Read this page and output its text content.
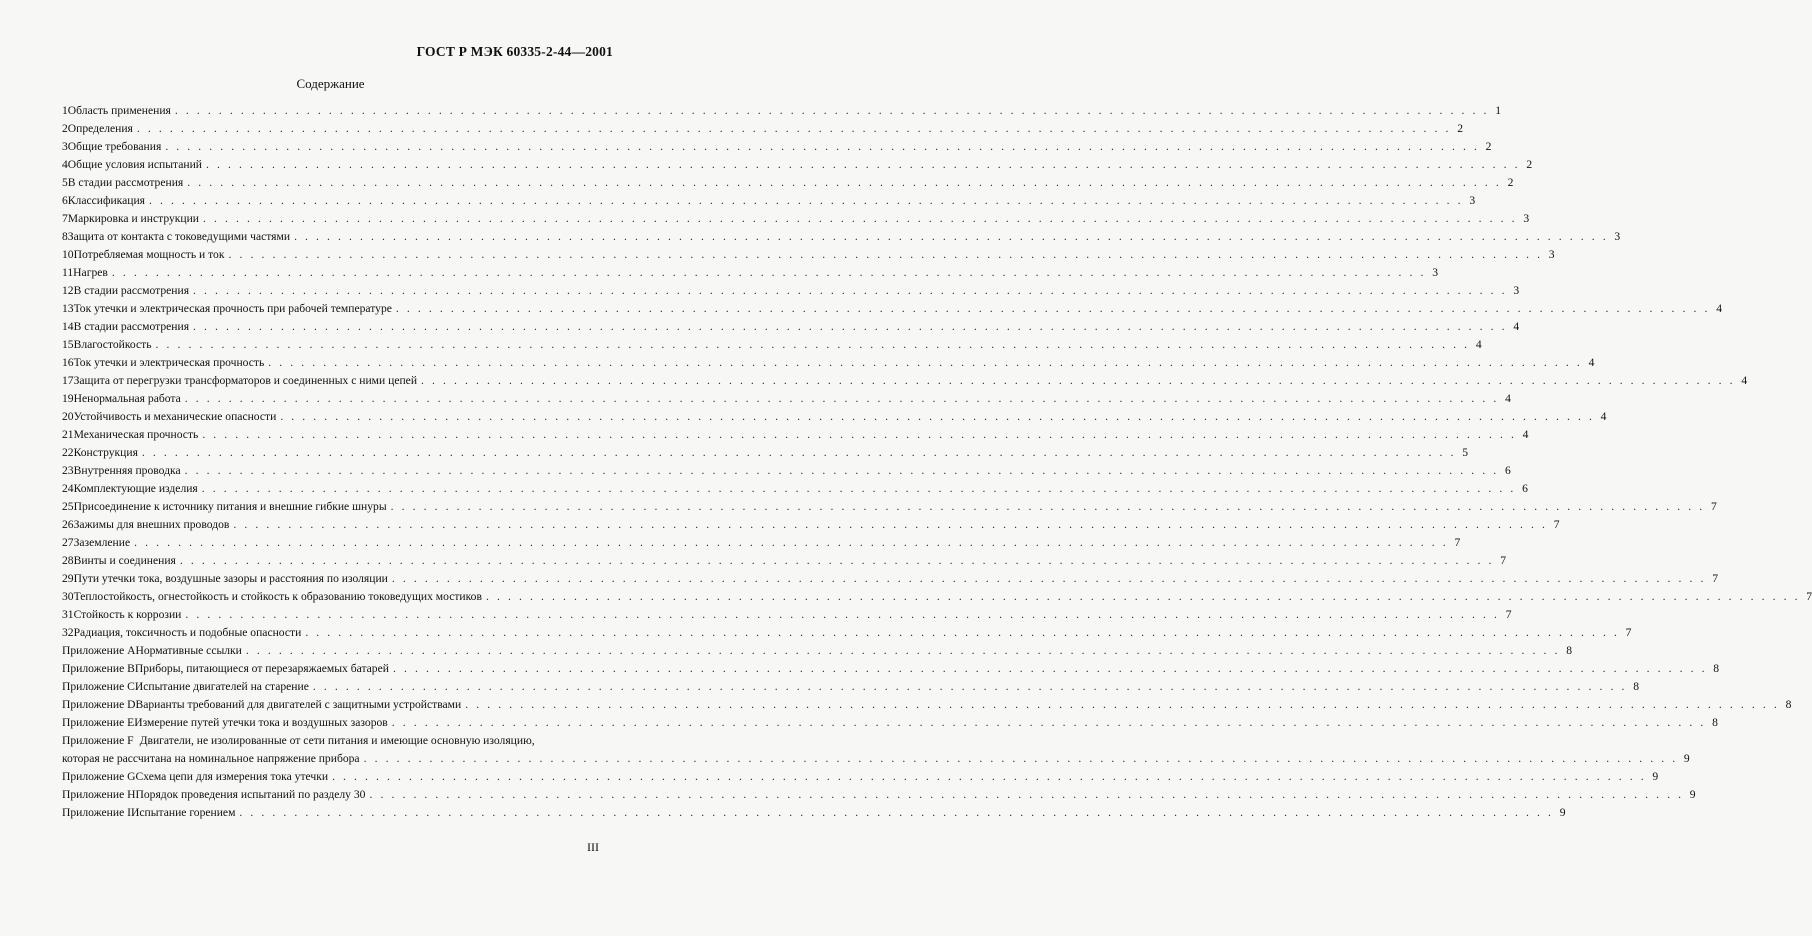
ГОСТ Р МЭК 60335-2-44—2001
Содержание
1 Область применения . . . . . . . . . . . . . . . . . . . . . . . . . . . . . . . . . . . . . . . . . . . . . . . . . . . . . . . . . . . . . . . . . . . . . . . . . . . . . . . . . . . . . . . . . . . . . . . . . . . . . . . . . . . . . . . . . . . . . . . . 1
2 Определения . . . . . . . . . . . . . . . . . . . . . . . . . . . . . . . . . . . . . . . . . . . . . . . . . . . . . . . . . . . . . . . . . . . . . . . . . . . . . . . . . . . . . . . . . . . . . . . . . . . . . . . . . . . . . . . . . . . . . . . . 2
3 Общие требования . . . . . . . . . . . . . . . . . . . . . . . . . . . . . . . . . . . . . . . . . . . . . . . . . . . . . . . . . . . . . . . . . . . . . . . . . . . . . . . . . . . . . . . . . . . . . . . . . . . . . . . . . . . . . . . . . . . . . . . . 2
4 Общие условия испытаний . . . . . . . . . . . . . . . . . . . . . . . . . . . . . . . . . . . . . . . . . . . . . . . . . . . . . . . . . . . . . . . . . . . . . . . . . . . . . . . . . . . . . . . . . . . . . . . . . . . . . . . . . . . . . . . . . . . . . . . . 2
5 В стадии рассмотрения . . . . . . . . . . . . . . . . . . . . . . . . . . . . . . . . . . . . . . . . . . . . . . . . . . . . . . . . . . . . . . . . . . . . . . . . . . . . . . . . . . . . . . . . . . . . . . . . . . . . . . . . . . . . . . . . . . . . . . . . 2
6 Классификация . . . . . . . . . . . . . . . . . . . . . . . . . . . . . . . . . . . . . . . . . . . . . . . . . . . . . . . . . . . . . . . . . . . . . . . . . . . . . . . . . . . . . . . . . . . . . . . . . . . . . . . . . . . . . . . . . . . . . . . . 3
7 Маркировка и инструкции . . . . . . . . . . . . . . . . . . . . . . . . . . . . . . . . . . . . . . . . . . . . . . . . . . . . . . . . . . . . . . . . . . . . . . . . . . . . . . . . . . . . . . . . . . . . . . . . . . . . . . . . . . . . . . . . . . . . . . . . 3
8 Защита от контакта с токоведущими частями . . . . . . . . . . . . . . . . . . . . . . . . . . . . . . . . . . . . . . . . . . . . . . . . . . . . . . . . . . . . . . . . . . . . . . . . . . . . . . . . . . . . . . . . . . . . . . . . . . . . . . . . . . . . . . . . . . . . . . . . 3
10 Потребляемая мощность и ток . . . . . . . . . . . . . . . . . . . . . . . . . . . . . . . . . . . . . . . . . . . . . . . . . . . . . . . . . . . . . . . . . . . . . . . . . . . . . . . . . . . . . . . . . . . . . . . . . . . . . . . . . . . . . . . . . . . . . . . . 3
11 Нагрев . . . . . . . . . . . . . . . . . . . . . . . . . . . . . . . . . . . . . . . . . . . . . . . . . . . . . . . . . . . . . . . . . . . . . . . . . . . . . . . . . . . . . . . . . . . . . . . . . . . . . . . . . . . . . . . . . . . . . . . . 3
12 В стадии рассмотрения . . . . . . . . . . . . . . . . . . . . . . . . . . . . . . . . . . . . . . . . . . . . . . . . . . . . . . . . . . . . . . . . . . . . . . . . . . . . . . . . . . . . . . . . . . . . . . . . . . . . . . . . . . . . . . . . . . . . . . . . 3
13 Ток утечки и электрическая прочность при рабочей температуре . . . . . . . . . . . . . . . . . . . . . . . . . . . . . . . . . . . . . . . . . . . . . . . . . . . . . . . . . . . . . . . . . . . . . . . . . . . . . . . . . . . . . . . . . . . . . . . . . . . . . . . . . . . . . . . . . . . . . . . . 4
14 В стадии рассмотрения . . . . . . . . . . . . . . . . . . . . . . . . . . . . . . . . . . . . . . . . . . . . . . . . . . . . . . . . . . . . . . . . . . . . . . . . . . . . . . . . . . . . . . . . . . . . . . . . . . . . . . . . . . . . . . . . . . . . . . . . 4
15 Влагостойкость . . . . . . . . . . . . . . . . . . . . . . . . . . . . . . . . . . . . . . . . . . . . . . . . . . . . . . . . . . . . . . . . . . . . . . . . . . . . . . . . . . . . . . . . . . . . . . . . . . . . . . . . . . . . . . . . . . . . . . . . 4
16 Ток утечки и электрическая прочность . . . . . . . . . . . . . . . . . . . . . . . . . . . . . . . . . . . . . . . . . . . . . . . . . . . . . . . . . . . . . . . . . . . . . . . . . . . . . . . . . . . . . . . . . . . . . . . . . . . . . . . . . . . . . . . . . . . . . . . . 4
17 Защита от перегрузки трансформаторов и соединенных с ними цепей . . . . . . . . . . . . . . . . . . . . . . . . . . . . . . . . . . . . . . . . . . . . . . . . . . . . . . . . . . . . . . . . . . . . . . . . . . . . . . . . . . . . . . . . . . . . . . . . . . . . . . . . . . . . . . . . . . . . . . . . 4
19 Ненормальная работа . . . . . . . . . . . . . . . . . . . . . . . . . . . . . . . . . . . . . . . . . . . . . . . . . . . . . . . . . . . . . . . . . . . . . . . . . . . . . . . . . . . . . . . . . . . . . . . . . . . . . . . . . . . . . . . . . . . . . . . . 4
20 Устойчивость и механические опасности . . . . . . . . . . . . . . . . . . . . . . . . . . . . . . . . . . . . . . . . . . . . . . . . . . . . . . . . . . . . . . . . . . . . . . . . . . . . . . . . . . . . . . . . . . . . . . . . . . . . . . . . . . . . . . . . . . . . . . . . 4
21 Механическая прочность . . . . . . . . . . . . . . . . . . . . . . . . . . . . . . . . . . . . . . . . . . . . . . . . . . . . . . . . . . . . . . . . . . . . . . . . . . . . . . . . . . . . . . . . . . . . . . . . . . . . . . . . . . . . . . . . . . . . . . . . 4
22 Конструкция . . . . . . . . . . . . . . . . . . . . . . . . . . . . . . . . . . . . . . . . . . . . . . . . . . . . . . . . . . . . . . . . . . . . . . . . . . . . . . . . . . . . . . . . . . . . . . . . . . . . . . . . . . . . . . . . . . . . . . . . 5
23 Внутренняя проводка . . . . . . . . . . . . . . . . . . . . . . . . . . . . . . . . . . . . . . . . . . . . . . . . . . . . . . . . . . . . . . . . . . . . . . . . . . . . . . . . . . . . . . . . . . . . . . . . . . . . . . . . . . . . . . . . . . . . . . . . 6
24 Комплектующие изделия . . . . . . . . . . . . . . . . . . . . . . . . . . . . . . . . . . . . . . . . . . . . . . . . . . . . . . . . . . . . . . . . . . . . . . . . . . . . . . . . . . . . . . . . . . . . . . . . . . . . . . . . . . . . . . . . . . . . . . . . 6
25 Присоединение к источнику питания и внешние гибкие шнуры . . . . . . . . . . . . . . . . . . . . . . . . . . . . . . . . . . . . . . . . . . . . . . . . . . . . . . . . . . . . . . . . . . . . . . . . . . . . . . . . . . . . . . . . . . . . . . . . . . . . . . . . . . . . . . . . . . . . . . . . 7
26 Зажимы для внешних проводов . . . . . . . . . . . . . . . . . . . . . . . . . . . . . . . . . . . . . . . . . . . . . . . . . . . . . . . . . . . . . . . . . . . . . . . . . . . . . . . . . . . . . . . . . . . . . . . . . . . . . . . . . . . . . . . . . . . . . . . . 7
27 Заземление . . . . . . . . . . . . . . . . . . . . . . . . . . . . . . . . . . . . . . . . . . . . . . . . . . . . . . . . . . . . . . . . . . . . . . . . . . . . . . . . . . . . . . . . . . . . . . . . . . . . . . . . . . . . . . . . . . . . . . . . 7
28 Винты и соединения . . . . . . . . . . . . . . . . . . . . . . . . . . . . . . . . . . . . . . . . . . . . . . . . . . . . . . . . . . . . . . . . . . . . . . . . . . . . . . . . . . . . . . . . . . . . . . . . . . . . . . . . . . . . . . . . . . . . . . . . 7
29 Пути утечки тока, воздушные зазоры и расстояния по изоляции . . . . . . . . . . . . . . . . . . . . . . . . . . . . . . . . . . . . . . . . . . . . . . . . . . . . . . . . . . . . . . . . . . . . . . . . . . . . . . . . . . . . . . . . . . . . . . . . . . . . . . . . . . . . . . . . . . . . . . . . 7
30 Теплостойкость, огнестойкость и стойкость к образованию токоведущих мостиков . . . . . . . . . . . . . . . . . . . . . . . . . . . . . . . . . . . . . . . . . . . . . . . . . . . . . . . . . . . . . . . . . . . . . . . . . . . . . . . . . . . . . . . . . . . . . . . . . . . . . . . . . . . . . . . . . . . . . . . . 7
31 Стойкость к коррозии . . . . . . . . . . . . . . . . . . . . . . . . . . . . . . . . . . . . . . . . . . . . . . . . . . . . . . . . . . . . . . . . . . . . . . . . . . . . . . . . . . . . . . . . . . . . . . . . . . . . . . . . . . . . . . . . . . . . . . . . 7
32 Радиация, токсичность и подобные опасности . . . . . . . . . . . . . . . . . . . . . . . . . . . . . . . . . . . . . . . . . . . . . . . . . . . . . . . . . . . . . . . . . . . . . . . . . . . . . . . . . . . . . . . . . . . . . . . . . . . . . . . . . . . . . . . . . . . . . . . . 7
Приложение А Нормативные ссылки . . . . . . . . . . . . . . . . . . . . . . . . . . . . . . . . . . . . . . . . . . . . . . . . . . . . . . . . . . . . . . . . . . . . . . . . . . . . . . . . . . . . . . . . . . . . . . . . . . . . . . . . . . . . . . . . . . . . . . . . 8
Приложение В Приборы, питающиеся от перезаряжаемых батарей . . . . . . . . . . . . . . . . . . . . . . . . . . . . . . . . . . . . . . . . . . . . . . . . . . . . . . . . . . . . . . . . . . . . . . . . . . . . . . . . . . . . . . . . . . . . . . . . . . . . . . . . . . . . . . . . . . . . . . . . 8
Приложение С Испытание двигателей на старение . . . . . . . . . . . . . . . . . . . . . . . . . . . . . . . . . . . . . . . . . . . . . . . . . . . . . . . . . . . . . . . . . . . . . . . . . . . . . . . . . . . . . . . . . . . . . . . . . . . . . . . . . . . . . . . . . . . . . . . . 8
Приложение D Варианты требований для двигателей с защитными устройствами . . . . . . . . . . . . . . . . . . . . . . . . . . . . . . . . . . . . . . . . . . . . . . . . . . . . . . . . . . . . . . . . . . . . . . . . . . . . . . . . . . . . . . . . . . . . . . . . . . . . . . . . . . . . . . . . . . . . . . . . 8
Приложение Е Измерение путей утечки тока и воздушных зазоров . . . . . . . . . . . . . . . . . . . . . . . . . . . . . . . . . . . . . . . . . . . . . . . . . . . . . . . . . . . . . . . . . . . . . . . . . . . . . . . . . . . . . . . . . . . . . . . . . . . . . . . . . . . . . . . . . . . . . . . . 8
Приложение F Двигатели, не изолированные от сети питания и имеющие основную изоляцию,
которая не рассчитана на номинальное напряжение прибора . . . . . . . . . . . . . . . . . . . . . . . . . . . . . . . . . . . . . . . . . . . . . . . . . . . . . . . . . . . . . . . . . . . . . . . . . . . . . . . . . . . . . . . . . . . . . . . . . . . . . . . . . . . . . . . . . . . . . . . . 9
Приложение G Схема цепи для измерения тока утечки . . . . . . . . . . . . . . . . . . . . . . . . . . . . . . . . . . . . . . . . . . . . . . . . . . . . . . . . . . . . . . . . . . . . . . . . . . . . . . . . . . . . . . . . . . . . . . . . . . . . . . . . . . . . . . . . . . . . . . . . 9
Приложение Н Порядок проведения испытаний по разделу 30 . . . . . . . . . . . . . . . . . . . . . . . . . . . . . . . . . . . . . . . . . . . . . . . . . . . . . . . . . . . . . . . . . . . . . . . . . . . . . . . . . . . . . . . . . . . . . . . . . . . . . . . . . . . . . . . . . . . . . . . . 9
Приложение I Испытание горением . . . . . . . . . . . . . . . . . . . . . . . . . . . . . . . . . . . . . . . . . . . . . . . . . . . . . . . . . . . . . . . . . . . . . . . . . . . . . . . . . . . . . . . . . . . . . . . . . . . . . . . . . . . . . . . . . . . . . . . . 9
III
